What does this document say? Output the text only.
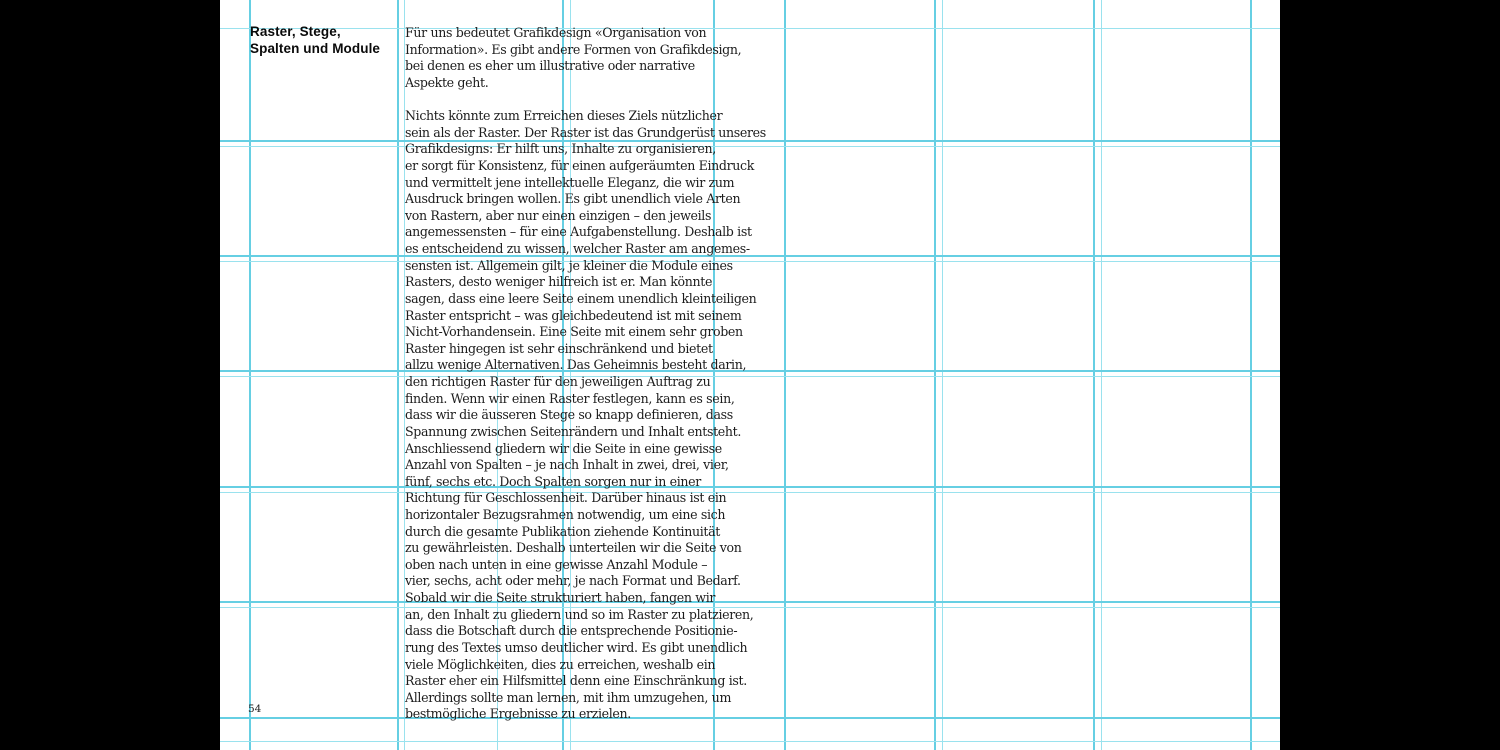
Raster, Stege,
Spalten und Module
Für uns bedeutet Grafikdesign «Organisation von
Information». Es gibt andere Formen von Grafikdesign,
bei denen es eher um illustrative oder narrative
Aspekte geht.
Nichts könnte zum Erreichen dieses Ziels nützlicher
sein als der Raster. Der Raster ist das Grundgerüst unseres
Grafikdesigns: Er hilft uns, Inhalte zu organisieren,
er sorgt für Konsistenz, für einen aufgeräumten Eindruck
und vermittelt jene intellektuelle Eleganz, die wir zum
Ausdruck bringen wollen. Es gibt unendlich viele Arten
von Rastern, aber nur einen einzigen – den jeweils
angemessensten – für eine Aufgabenstellung. Deshalb ist
es entscheidend zu wissen, welcher Raster am angemes-
sensten ist. Allgemein gilt, je kleiner die Module eines
Rasters, desto weniger hilfreich ist er. Man könnte
sagen, dass eine leere Seite einem unendlich kleinteiligen
Raster entspricht – was gleichbedeutend ist mit seinem
Nicht-Vorhandensein. Eine Seite mit einem sehr groben
Raster hingegen ist sehr einschränkend und bietet
allzu wenige Alternativen. Das Geheimnis besteht darin,
den richtigen Raster für den jeweiligen Auftrag zu
finden. Wenn wir einen Raster festlegen, kann es sein,
dass wir die äusseren Stege so knapp definieren, dass
Spannung zwischen Seitenrändern und Inhalt entsteht.
Anschliessend gliedern wir die Seite in eine gewisse
Anzahl von Spalten – je nach Inhalt in zwei, drei, vier,
fünf, sechs etc. Doch Spalten sorgen nur in einer
Richtung für Geschlossenheit. Darüber hinaus ist ein
horizontaler Bezugsrahmen notwendig, um eine sich
durch die gesamte Publikation ziehende Kontinuität
zu gewährleisten. Deshalb unterteilen wir die Seite von
oben nach unten in eine gewisse Anzahl Module –
vier, sechs, acht oder mehr, je nach Format und Bedarf.
Sobald wir die Seite strukturiert haben, fangen wir
an, den Inhalt zu gliedern und so im Raster zu platzieren,
dass die Botschaft durch die entsprechende Positionie-
rung des Textes umso deutlicher wird. Es gibt unendlich
viele Möglichkeiten, dies zu erreichen, weshalb ein
Raster eher ein Hilfsmittel denn eine Einschränkung ist.
Allerdings sollte man lernen, mit ihm umzugehen, um
bestmögliche Ergebnisse zu erzielen.
54
